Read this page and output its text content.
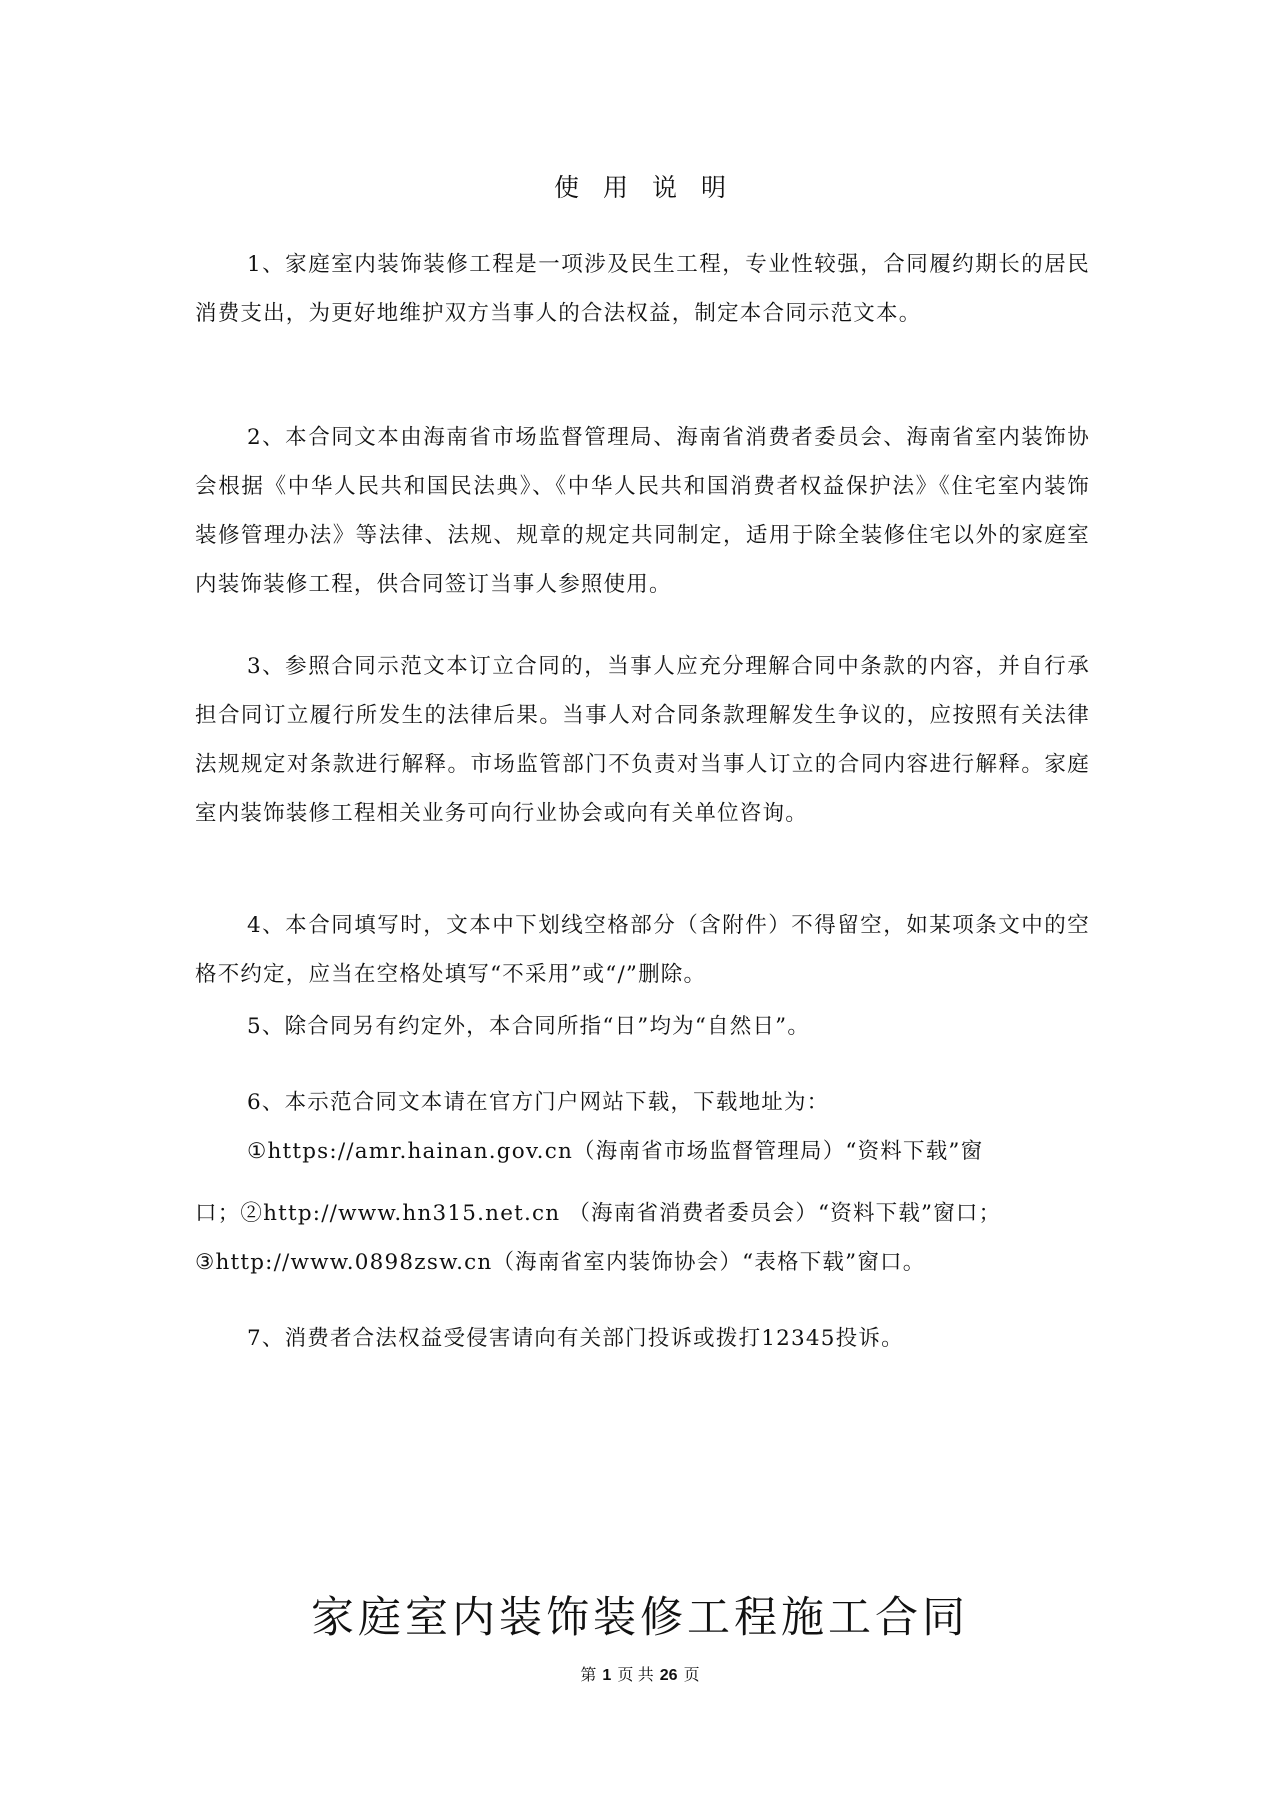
使用说明

1、家庭室内装饰装修工程是一项涉及民生工程，专业性较强，合同履约期长的居民消费支出，为更好地维护双方当事人的合法权益，制定本合同示范文本。

2、本合同文本由海南省市场监督管理局、海南省消费者委员会、海南省室内装饰协会根据《中华人民共和国民法典》、《中华人民共和国消费者权益保护法》《住宅室内装饰装修管理办法》等法律、法规、规章的规定共同制定，适用于除全装修住宅以外的家庭室内装饰装修工程，供合同签订当事人参照使用。

3、参照合同示范文本订立合同的，当事人应充分理解合同中条款的内容，并自行承担合同订立履行所发生的法律后果。当事人对合同条款理解发生争议的，应按照有关法律法规规定对条款进行解释。市场监管部门不负责对当事人订立的合同内容进行解释。家庭室内装饰装修工程相关业务可向行业协会或向有关单位咨询。

4、本合同填写时，文本中下划线空格部分（含附件）不得留空，如某项条文中的空格不约定，应当在空格处填写“不采用”或“/”删除。

5、除合同另有约定外，本合同所指“日”均为“自然日”。

6、本示范合同文本请在官方门户网站下载，下载地址为：

①https://amr.hainan.gov.cn（海南省市场监督管理局）“资料下载”窗

口；②http://www.hn315.net.cn （海南省消费者委员会）“资料下载”窗口；

③http://www.0898zsw.cn（海南省室内装饰协会）“表格下载”窗口。

7、消费者合法权益受侵害请向有关部门投诉或拨打12345投诉。

家庭室内装饰装修工程施工合同
第 1 页 共 26 页
